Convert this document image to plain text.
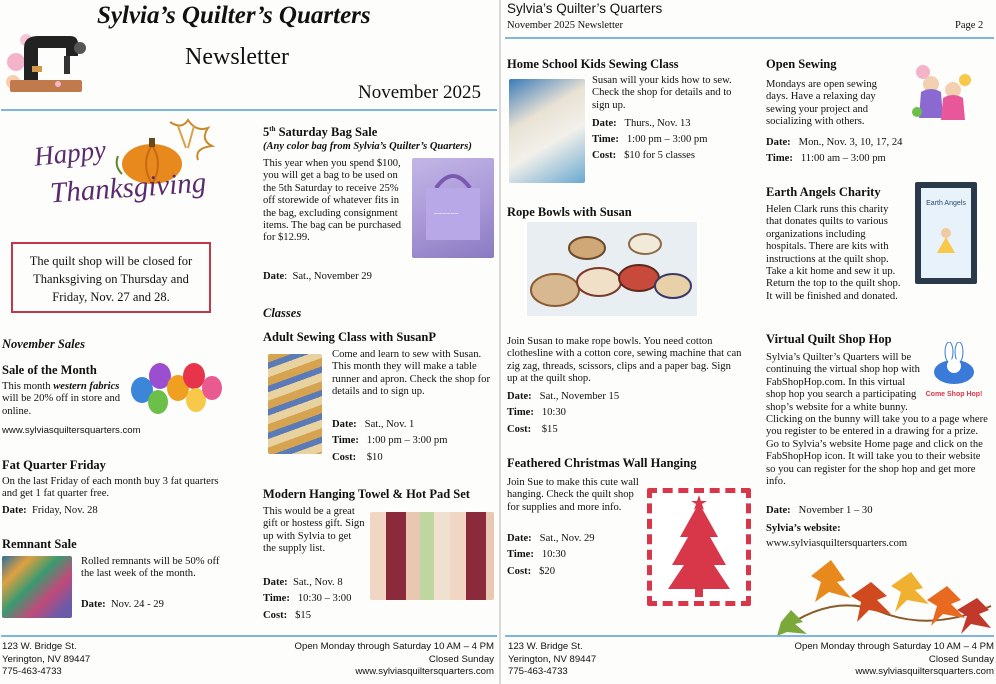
Sylvia’s Quilter’s Quarters
Newsletter
November 2025
Happy
Thanksgiving
The quilt shop will be closed for Thanksgiving on Thursday and Friday, Nov. 27 and 28.
November Sales
Sale of the Month
This month western fabrics will be 20% off in store and online.
www.sylviasquiltersquarters.com
Fat Quarter Friday
On the last Friday of each month buy 3 fat quarters and get 1 fat quarter free.
Date: Friday, Nov. 28
Remnant Sale
Rolled remnants will be 50% off the last week of the month.
Date: Nov. 24 - 29
5th Saturday Bag Sale
(Any color bag from Sylvia’s Quilter’s Quarters)
This year when you spend $100, you will get a bag to be used on the 5th Saturday to receive 25% off storewide of whatever fits in the bag, excluding consignment items. The bag can be purchased for $12.99.
~~~~~~
Date:  Sat., November 29
Classes
Adult Sewing Class with SusanP
Come and learn to sew with Susan. This month they will make a table runner and apron. Check the shop for details and to sign up.
Date: Sat., Nov. 1
Time: 1:00 pm – 3:00 pm
Cost: $10
Modern Hanging Towel & Hot Pad Set
This would be a great gift or hostess gift. Sign up with Sylvia to get the supply list.
Date: Sat., Nov. 8
Time: 10:30 – 3:00
Cost: $15
123 W. Bridge St.
Yerington, NV 89447
775-463-4733
Open Monday through Saturday 10 AM – 4 PM
Closed Sunday
www.sylviasquiltersquarters.com
Sylvia’s Quilter’s Quarters
November 2025 Newsletter	Page 2
Home School Kids Sewing Class
Susan will your kids how to sew. Check the shop for details and to sign up.
Date: Thurs., Nov. 13
Time: 1:00 pm – 3:00 pm
Cost: $10 for 5 classes
Rope Bowls with Susan
Join Susan to make rope bowls. You need cotton clothesline with a cotton core, sewing machine that can zig zag, threads, scissors, clips and a paper bag. Sign up at the quilt shop.
Date: Sat., November 15
Time: 10:30
Cost: $15
Feathered Christmas Wall Hanging
Join Sue to make this cute wall hanging. Check the quilt shop for supplies and more info.
Date: Sat., Nov. 29
Time: 10:30
Cost: $20
Open Sewing
Mondays are open sewing days. Have a relaxing day sewing your project and socializing with others.
Date: Mon., Nov. 3, 10, 17, 24
Time: 11:00 am – 3:00 pm
Earth Angels Charity
Helen Clark runs this charity that donates quilts to various organizations including hospitals. There are kits with instructions at the quilt shop. Take a kit home and sew it up. Return the top to the quilt shop. It will be finished and donated.
Earth Angels
Virtual Quilt Shop Hop
Sylvia’s Quilter’s Quarters will be continuing the virtual shop hop with FabShopHop.com. In this virtual shop hop you search a participating shop’s website for a white bunny. Clicking on the bunny will take you to a page where you register to be entered in a drawing for a prize. Go to Sylvia’s website Home page and click on the FabShopHop icon. It will take you to their website so you can register for the shop hop and get more info.
Come Shop Hop!
Date: November 1 – 30
Sylvia’s website:
www.sylviasquiltersquarters.com
123 W. Bridge St.
Yerington, NV 89447
775-463-4733
Open Monday through Saturday 10 AM – 4 PM
Closed Sunday
www.sylviasquiltersquarters.com
